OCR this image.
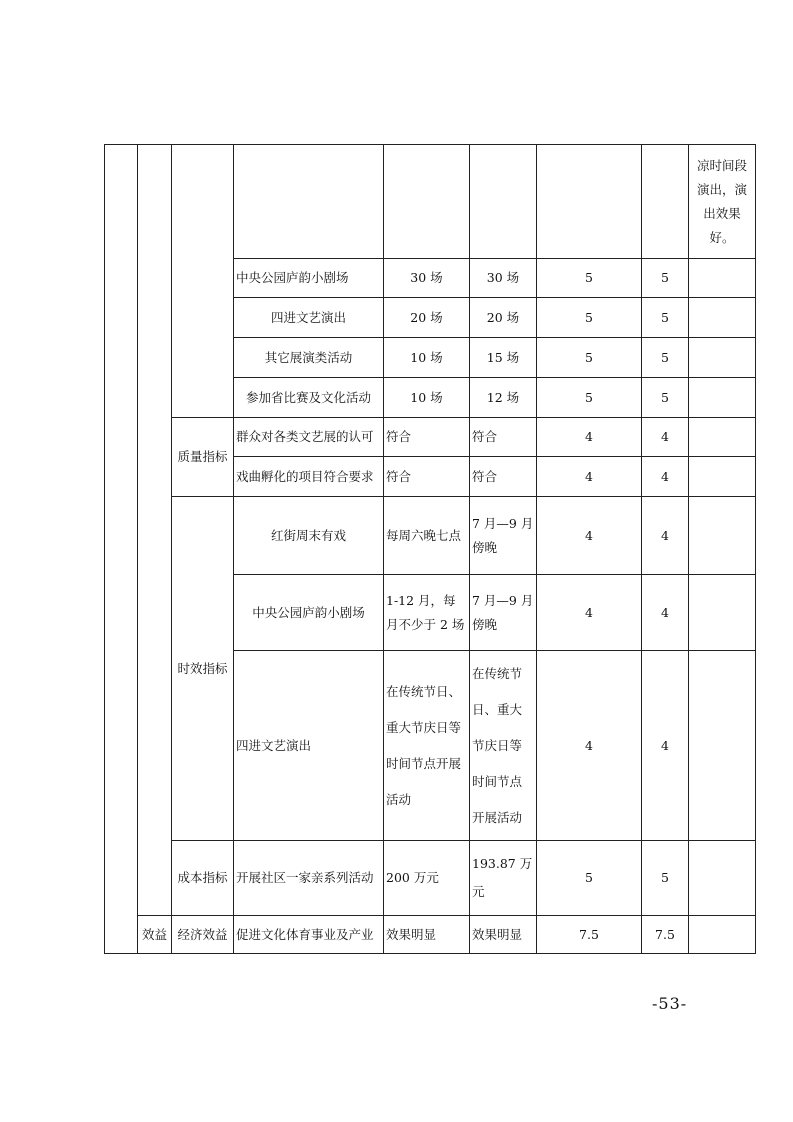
								凉时间段演出，演出效果好。
			中央公园庐韵小剧场	30 场	30 场	5	5	
			四进文艺演出	20 场	20 场	5	5	
			其它展演类活动	10 场	15 场	5	5	
			参加省比赛及文化活动	10 场	12 场	5	5	
		质量指标	群众对各类文艺展的认可	符合	符合	4	4	
			戏曲孵化的项目符合要求	符合	符合	4	4	
		时效指标	红街周末有戏	每周六晚七点	7 月—9 月傍晚	4	4	
			中央公园庐韵小剧场	1-12 月，每月不少于 2 场	7 月—9 月傍晚	4	4	
			四进文艺演出	在传统节日、重大节庆日等时间节点开展活动	在传统节日、重大节庆日等时间节点开展活动	4	4	
		成本指标	开展社区一家亲系列活动	200 万元	193.87 万元	5	5	
	效益	经济效益	促进文化体育事业及产业	效果明显	效果明显	7.5	7.5	
-53-
